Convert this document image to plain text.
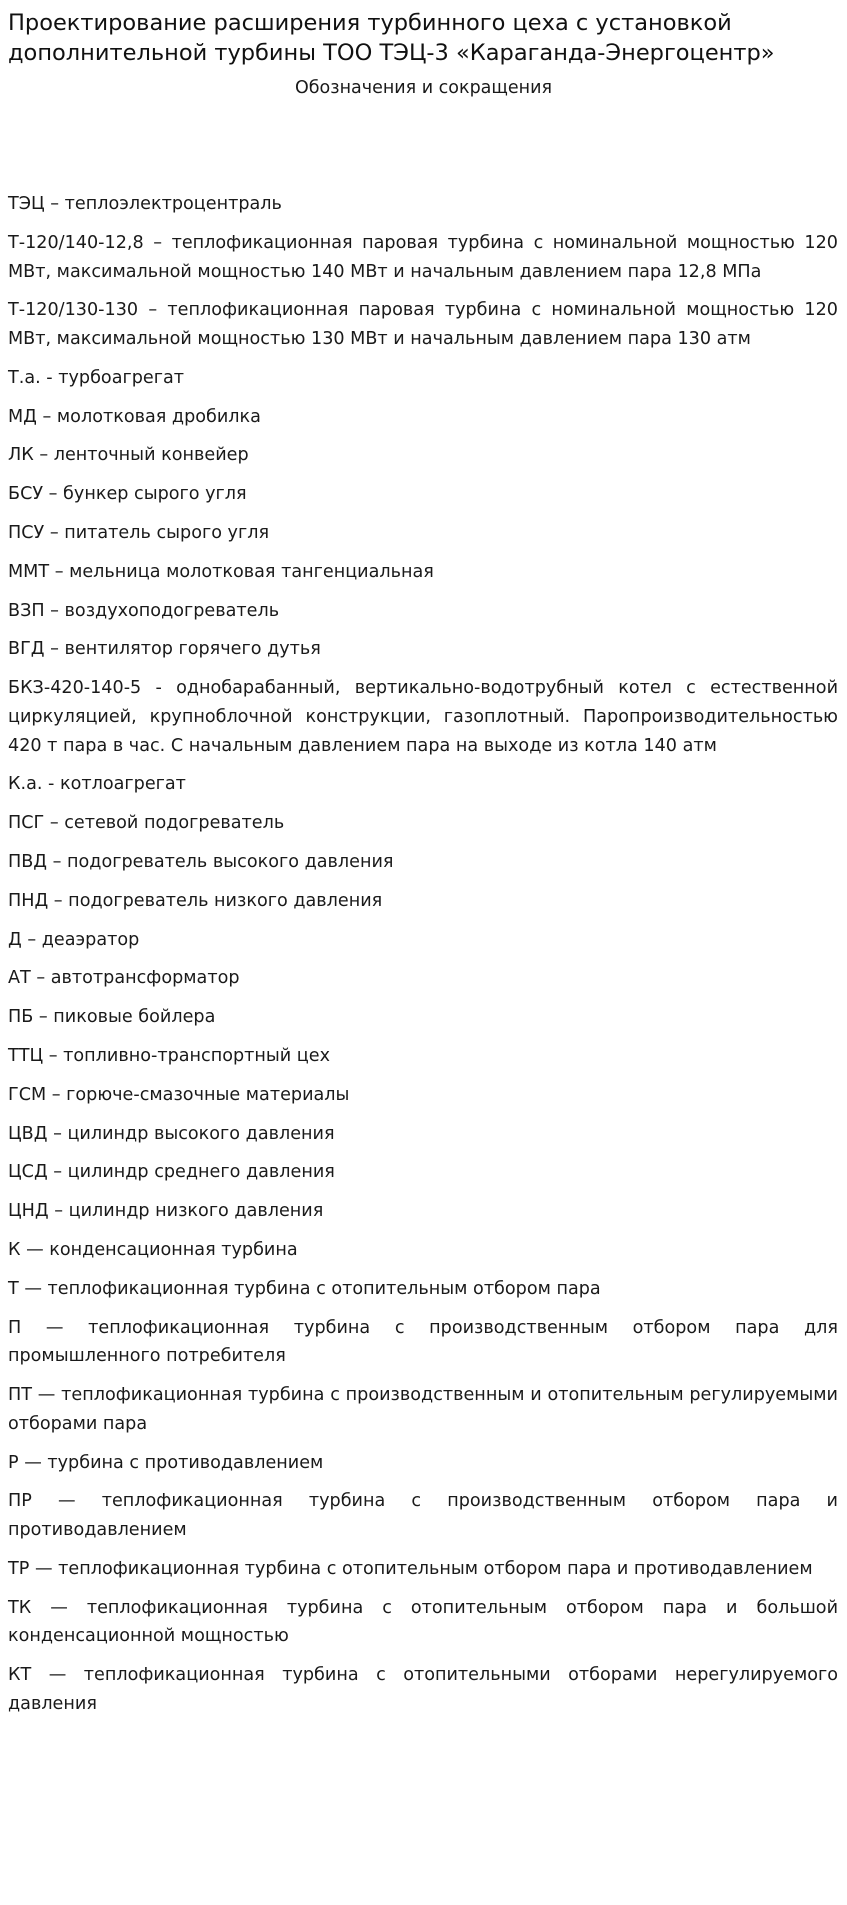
Проектирование расширения турбинного цеха с установкой дополнительной турбины ТОО ТЭЦ-3 «Караганда-Энергоцентр»
Обозначения и сокращения
ТЭЦ – теплоэлектроцентраль
Т-120/140-12,8 – теплофикационная паровая турбина с номинальной мощностью 120 МВт, максимальной мощностью 140 МВт и начальным давлением пара 12,8 МПа
Т-120/130-130 – теплофикационная паровая турбина с номинальной мощностью 120 МВт, максимальной мощностью 130 МВт и начальным давлением пара 130 атм
Т.а. - турбоагрегат
МД – молотковая дробилка
ЛК – ленточный конвейер
БСУ – бункер сырого угля
ПСУ – питатель сырого угля
ММТ – мельница молотковая тангенциальная
ВЗП – воздухоподогреватель
ВГД – вентилятор горячего дутья
БКЗ-420-140-5 - однобарабанный, вертикально-водотрубный котел с естественной циркуляцией, крупноблочной конструкции, газоплотный. Паропроизводительностью 420 т пара в час. С начальным давлением пара на выходе из котла 140 атм
К.а. - котлоагрегат
ПСГ – сетевой подогреватель
ПВД – подогреватель высокого давления
ПНД – подогреватель низкого давления
Д – деаэратор
АТ – автотрансформатор
ПБ – пиковые бойлера
ТТЦ – топливно-транспортный цех
ГСМ – горюче-смазочные материалы
ЦВД – цилиндр высокого давления
ЦСД – цилиндр среднего давления
ЦНД – цилиндр низкого давления
К — конденсационная турбина
Т — теплофикационная турбина с отопительным отбором пара
П — теплофикационная турбина с производственным отбором пара для промышленного потребителя
ПТ — теплофикационная турбина с производственным и отопительным регулируемыми отборами пара
Р — турбина с противодавлением
ПР — теплофикационная турбина с производственным отбором пара и противодавлением
ТР — теплофикационная турбина с отопительным отбором пара и противодавлением
ТК — теплофикационная турбина с отопительным отбором пара и большой конденсационной мощностью
КТ — теплофикационная турбина с отопительными отборами нерегулируемого давления
